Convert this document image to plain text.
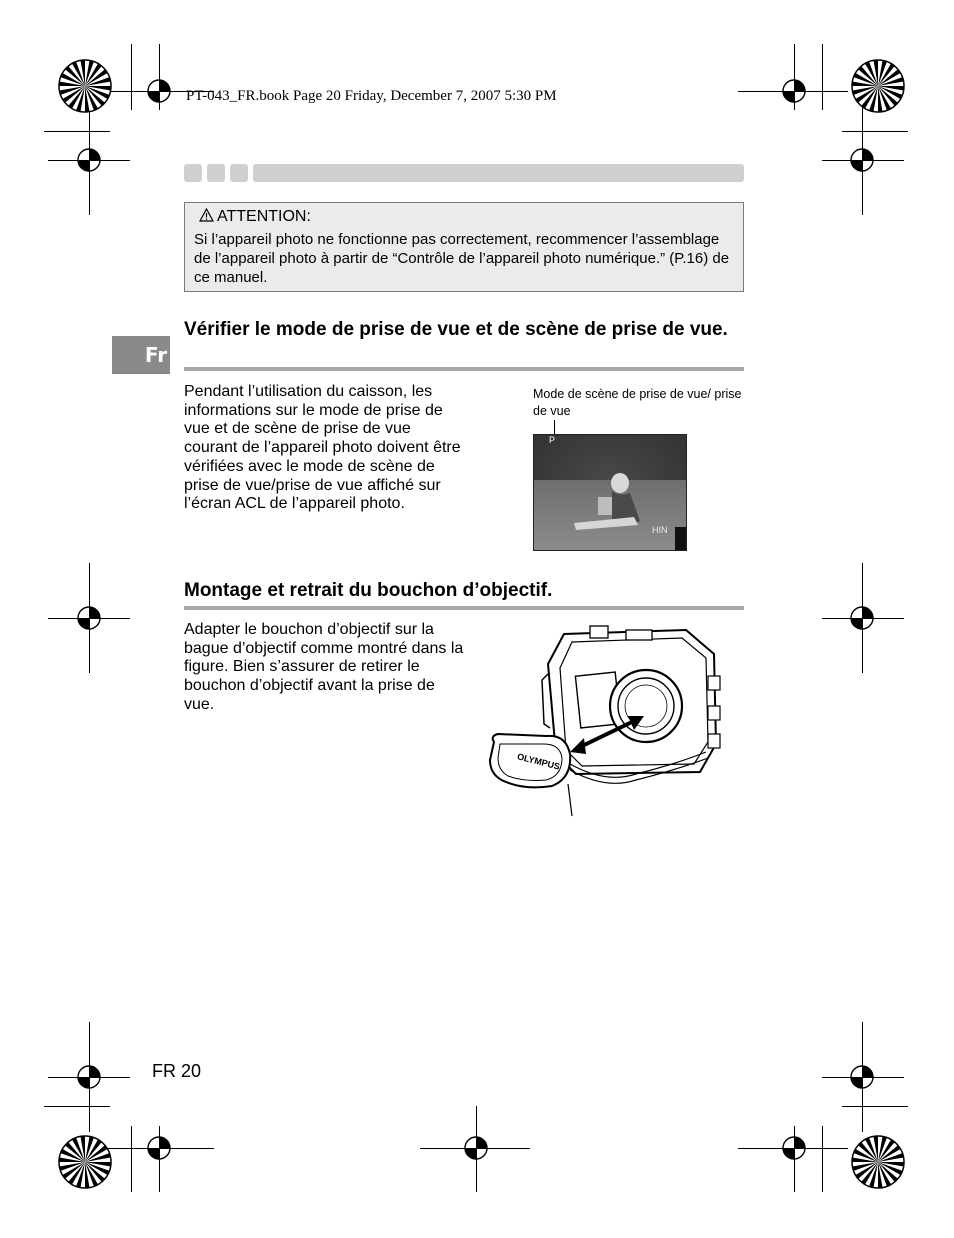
PT-043_FR.book Page 20 Friday, December 7, 2007 5:30 PM
ATTENTION:
Si l’appareil photo ne fonctionne pas correctement, recommencer l’assemblage de l’appareil photo à partir de “Contrôle de l’appareil photo numérique.” (P.16) de ce manuel.
Fr
Vérifier le mode de prise de vue et de scène de prise de vue.
Pendant l’utilisation du caisson, les informations sur le mode de prise de vue et de scène de prise de vue courant de l’appareil photo doivent être vérifiées avec le mode de scène de prise de vue/prise de vue affiché sur l’écran ACL de l’appareil photo.
Mode de scène de prise de vue/ prise de vue
P
HIN
Montage et retrait du bouchon d’objectif.
Adapter le bouchon d’objectif sur la bague d’objectif comme montré dans la figure. Bien s’assurer de retirer le bouchon d’objectif avant la prise de vue.
OLYMPUS
FR 20
